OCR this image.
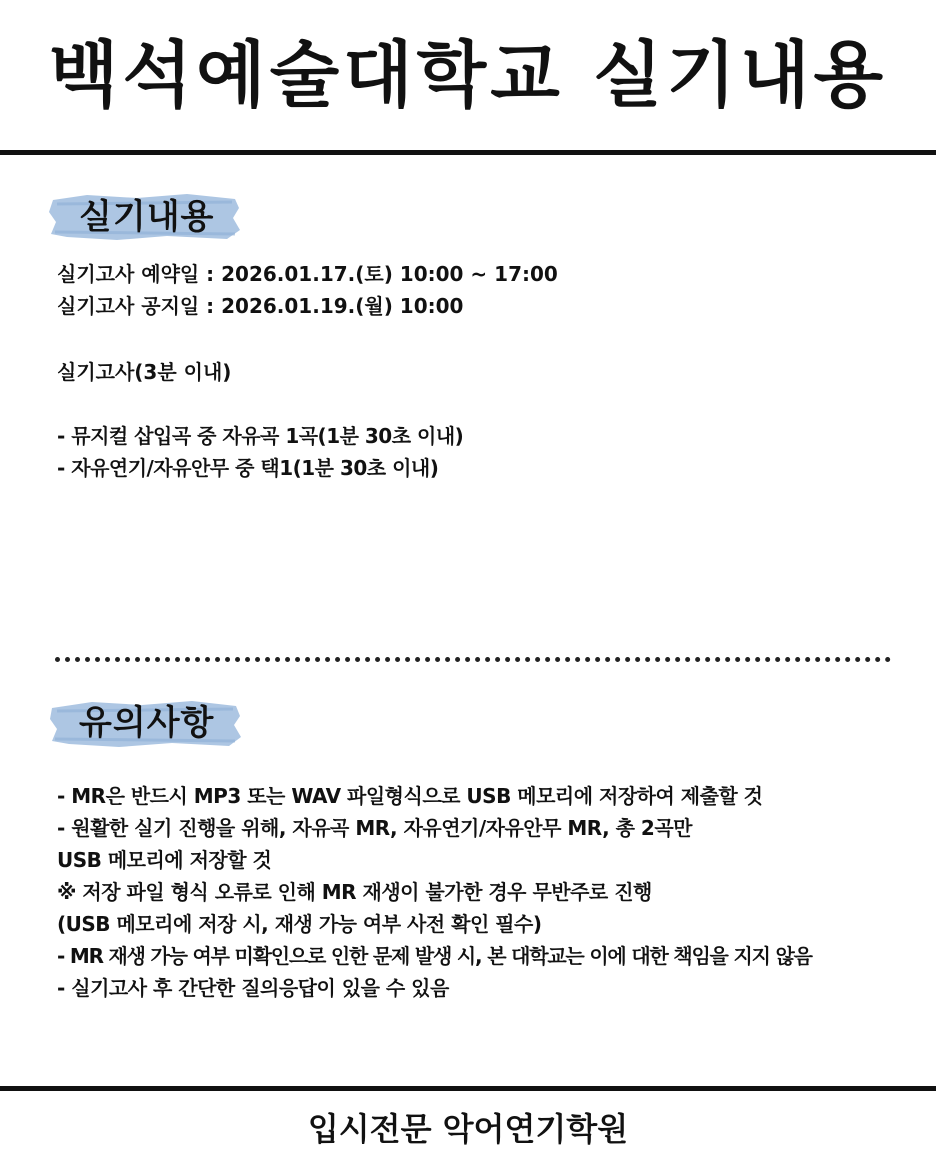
백석예술대학교 실기내용
실기내용
실기고사 예약일 : 2026.01.17.(토) 10:00 ~ 17:00
실기고사 공지일 : 2026.01.19.(월) 10:00
실기고사(3분 이내)
- 뮤지컬 삽입곡 중 자유곡 1곡(1분 30초 이내)
- 자유연기/자유안무 중 택1(1분 30초 이내)
유의사항
- MR은 반드시 MP3 또는 WAV 파일형식으로 USB 메모리에 저장하여 제출할 것
- 원활한 실기 진행을 위해, 자유곡 MR, 자유연기/자유안무 MR, 총 2곡만
USB 메모리에 저장할 것
※ 저장 파일 형식 오류로 인해 MR 재생이 불가한 경우 무반주로 진행
(USB 메모리에 저장 시, 재생 가능 여부 사전 확인 필수)
- MR 재생 가능 여부 미확인으로 인한 문제 발생 시, 본 대학교는 이에 대한 책임을 지지 않음
- 실기고사 후 간단한 질의응답이 있을 수 있음
입시전문 악어연기학원
